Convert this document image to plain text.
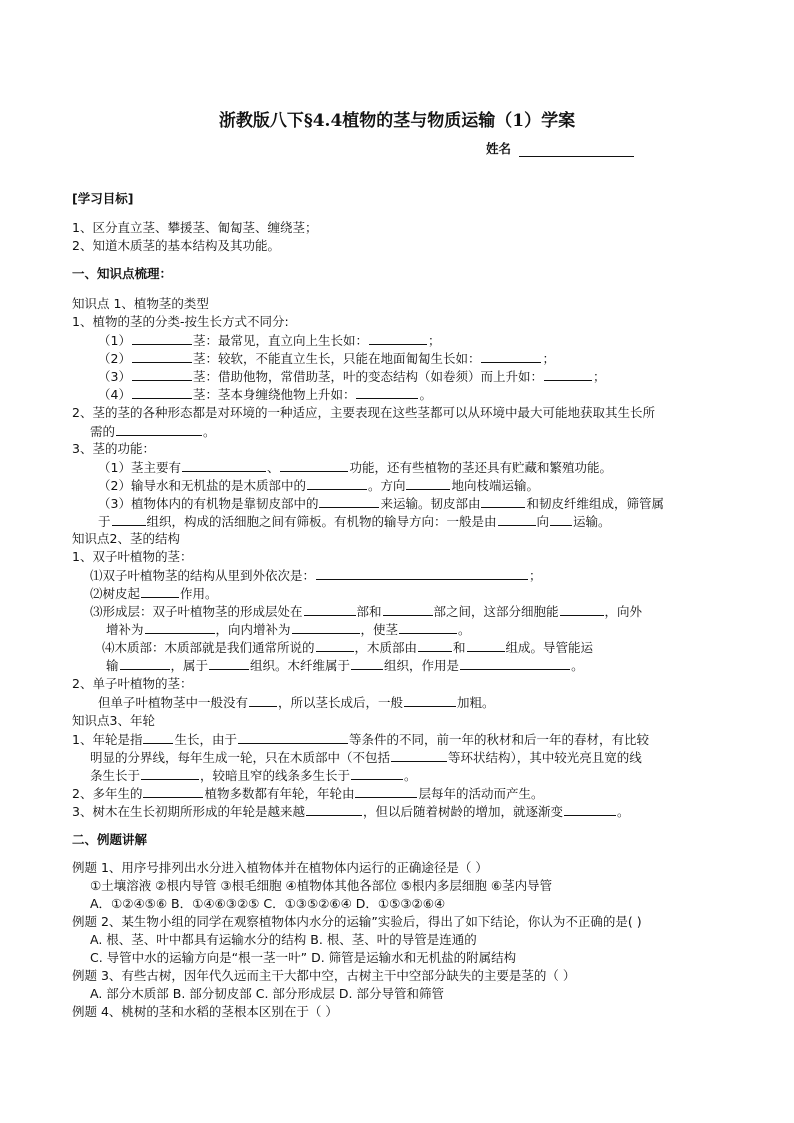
浙教版八下§4.4植物的茎与物质运输（1）学案
姓名
[学习目标]
1、区分直立茎、攀援茎、匍匐茎、缠绕茎；
2、知道木质茎的基本结构及其功能。
一、知识点梳理：
知识点 1、植物茎的类型
1、植物的茎的分类-按生长方式不同分:
（1）	茎：最常见，直立向上生长如：	；
（2）	茎：较软，不能直立生长，只能在地面匍匐生长如：	；
（3）	茎：借助他物，常借助茎，叶的变态结构（如卷须）而上升如：	；
（4）	茎：茎本身缠绕他物上升如：	。
2、茎的茎的各种形态都是对环境的一种适应，主要表现在这些茎都可以从环境中最大可能地获取其生长所
需的	。
3、茎的功能：
（1）茎主要有	、	功能，还有些植物的茎还具有贮藏和繁殖功能。
（2）输导水和无机盐的是木质部中的	。方向	地向枝端运输。
（3）植物体内的有机物是靠韧皮部中的	来运输。韧皮部由	和韧皮纤维组成，筛管属
于	组织，构成的活细胞之间有筛板。有机物的输导方向：一般是由	向 运输。
知识点2、茎的结构
1、双子叶植物的茎：
⑴双子叶植物茎的结构从里到外依次是：	；
⑵树皮起	作用。
⑶形成层：双子叶植物茎的形成层处在	部和	部之间，这部分细胞能	，向外
增补为	，向内增补为	，使茎	。
⑷木质部：木质部就是我们通常所说的	，木质部由	和	组成。导管能运
输	，属于	组织。木纤维属于	组织，作用是	。
2、单子叶植物的茎：
但单子叶植物茎中一般没有 ，所以茎长成后，一般	加粗。
知识点3、年轮
1、年轮是指	生长，由于	等条件的不同，前一年的秋材和后一年的春材，有比较
明显的分界线，每年生成一轮，只在木质部中（不包括	等环状结构），其中较光亮且宽的线
条生长于	，较暗且窄的线条多生长于	。
2、多年生的	植物多数都有年轮，年轮由	层每年的活动而产生。
3、树木在生长初期所形成的年轮是越来越	，但以后随着树龄的增加，就逐渐变	。
二、例题讲解
例题 1、用序号排列出水分进入植物体并在植物体内运行的正确途径是（ ）
①土壤溶液 ②根内导管 ③根毛细胞 ④植物体其他各部位 ⑤根内多层细胞 ⑥茎内导管
A．①②④⑤⑥ B．①④⑥③②⑤ C．①③⑤②⑥④ D．①⑤③②⑥④
例题 2、某生物小组的同学在观察植物体内水分的运输”实验后，得出了如下结论，你认为不正确的是( )
A. 根、茎、叶中都具有运输水分的结构 B. 根、茎、叶的导管是连通的
C. 导管中水的运输方向是“根一茎一叶” D. 筛管是运输水和无机盐的附属结构
例题 3、有些古树，因年代久远而主干大都中空，古树主干中空部分缺失的主要是茎的（ ）
A. 部分木质部 B. 部分韧皮部 C. 部分形成层 D. 部分导管和筛管
例题 4、桃树的茎和水稻的茎根本区别在于（ ）
